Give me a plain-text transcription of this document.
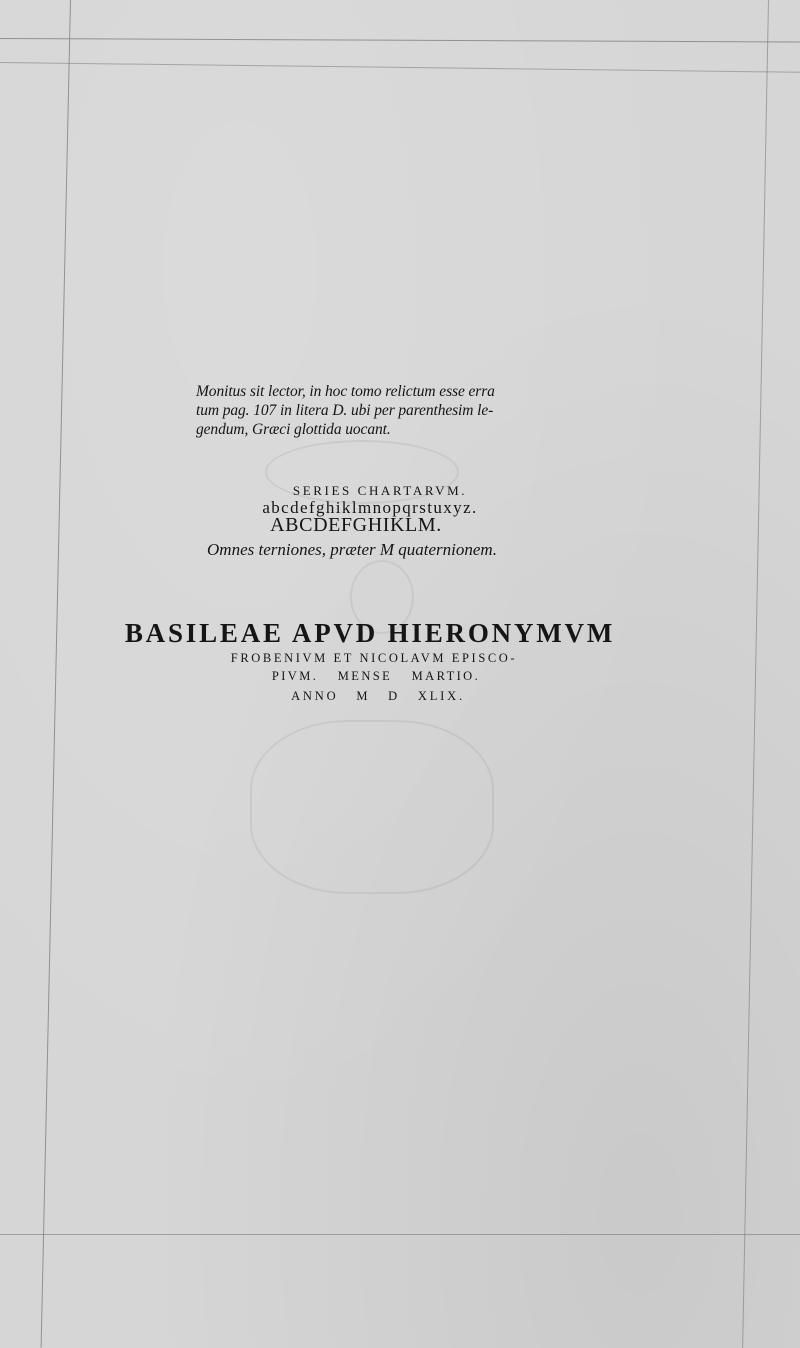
Monitus sit lector, in hoc tomo relictum esse erra
tum pag. 107 in litera D. ubi per parenthesim le-
gendum, Græci glottida uocant.
SERIES CHARTARVM.
abcdefghiklmnopqrstuxyz.
ABCDEFGHIKLM.
Omnes terniones, præter M quaternionem.
BASILEAE APVD HIERONYMVM
FROBENIVM ET NICOLAVM EPISCO-
PIVM. MENSE MARTIO.
ANNO M D XLIX.
